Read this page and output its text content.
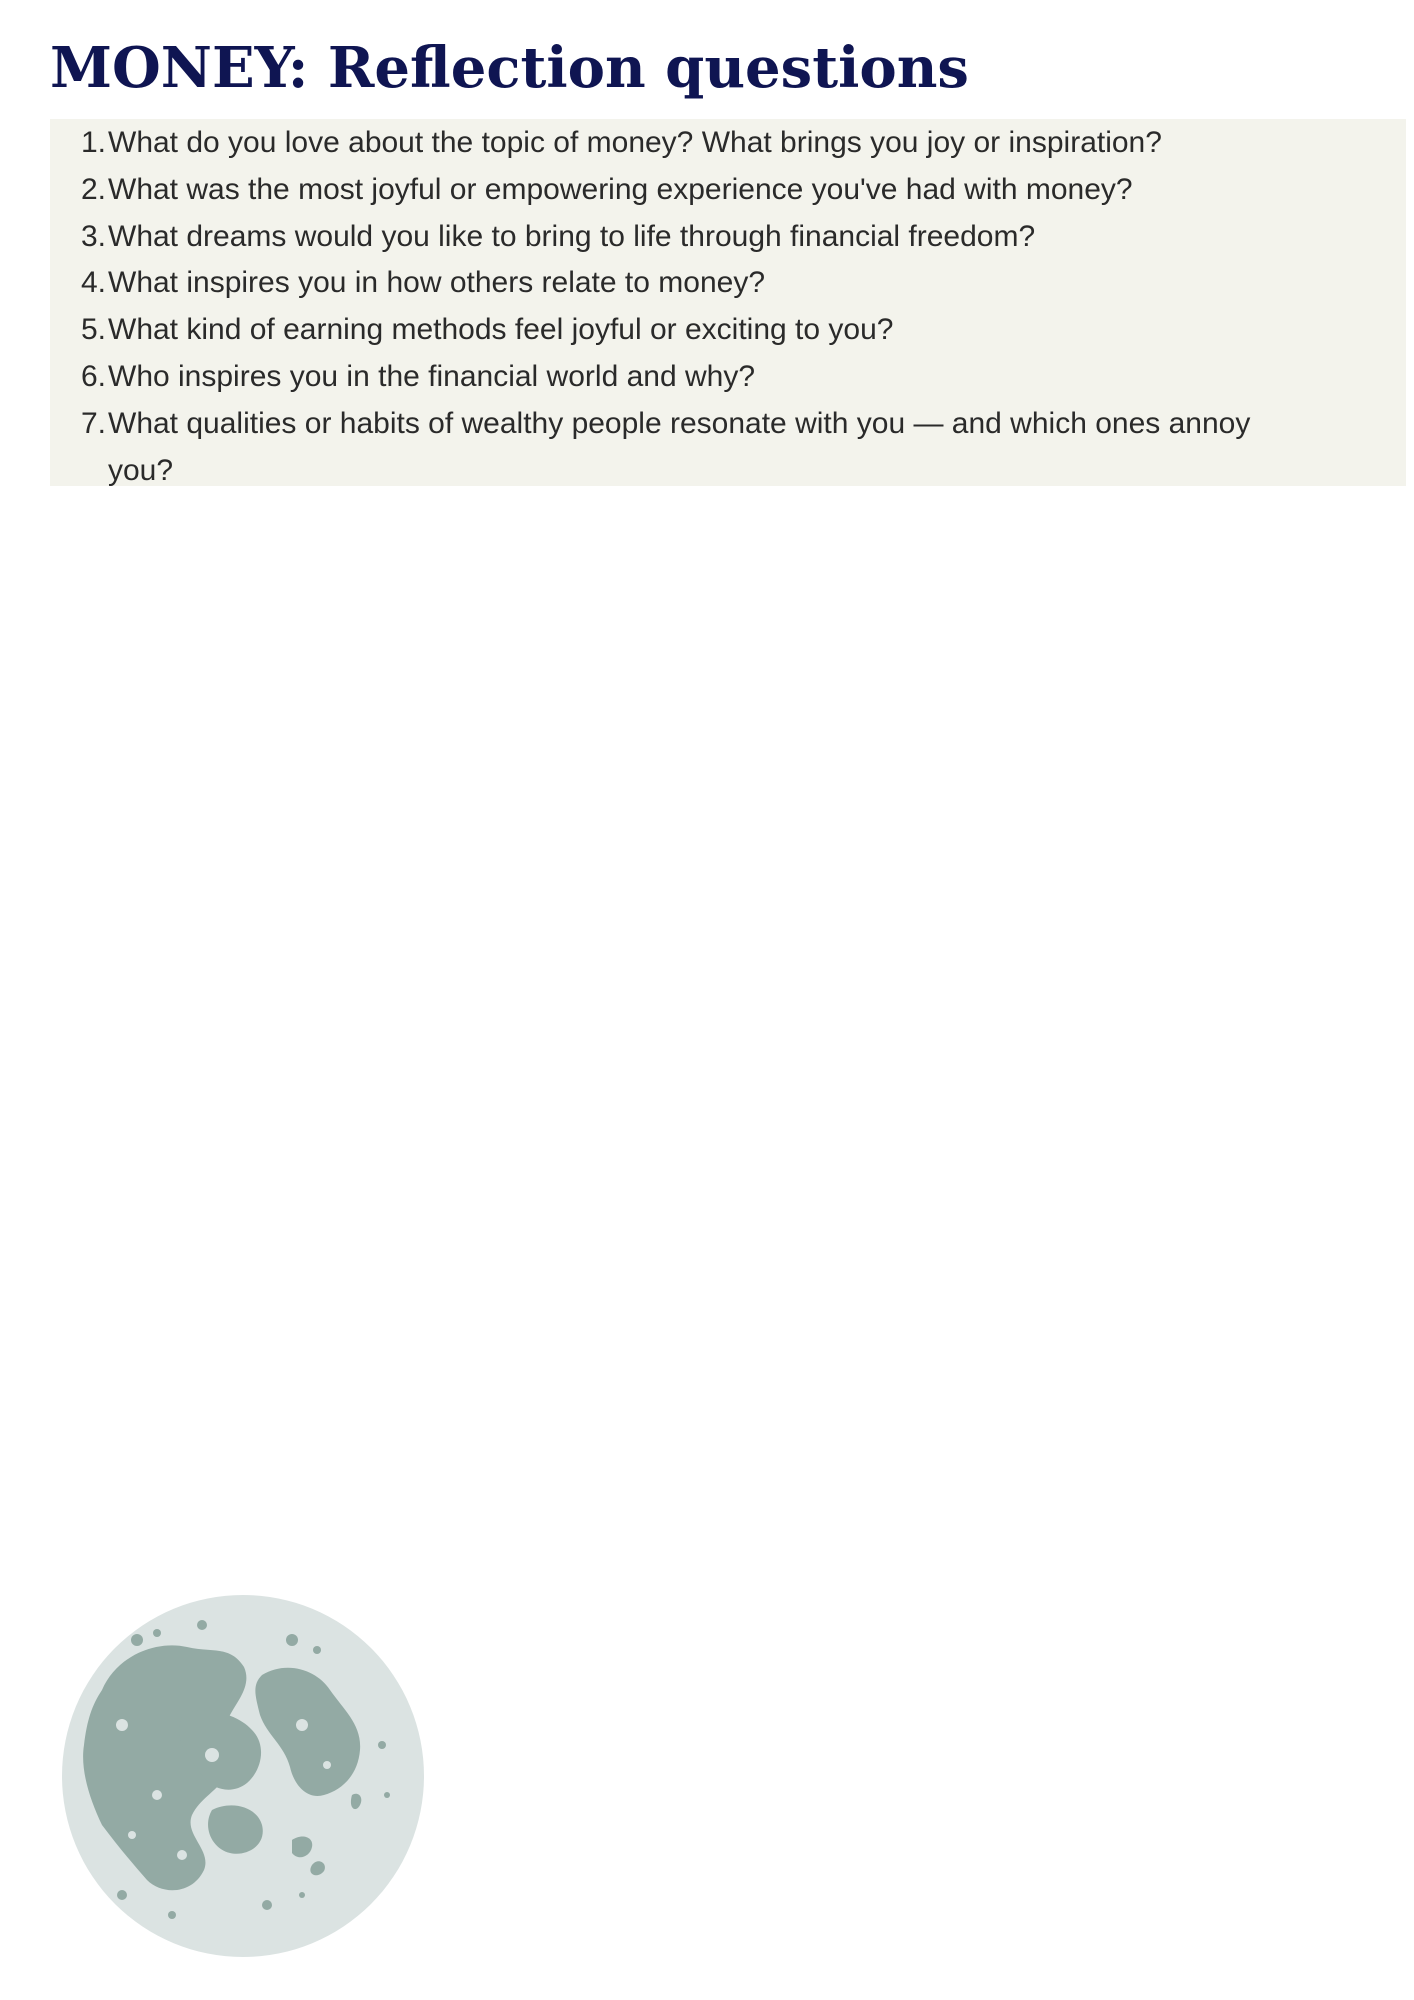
MONEY: Reflection questions
1. What do you love about the topic of money? What brings you joy or inspiration?
2. What was the most joyful or empowering experience you've had with money?
3. What dreams would you like to bring to life through financial freedom?
4. What inspires you in how others relate to money?
5. What kind of earning methods feel joyful or exciting to you?
6. Who inspires you in the financial world and why?
7. What qualities or habits of wealthy people resonate with you — and which ones annoy
you?
